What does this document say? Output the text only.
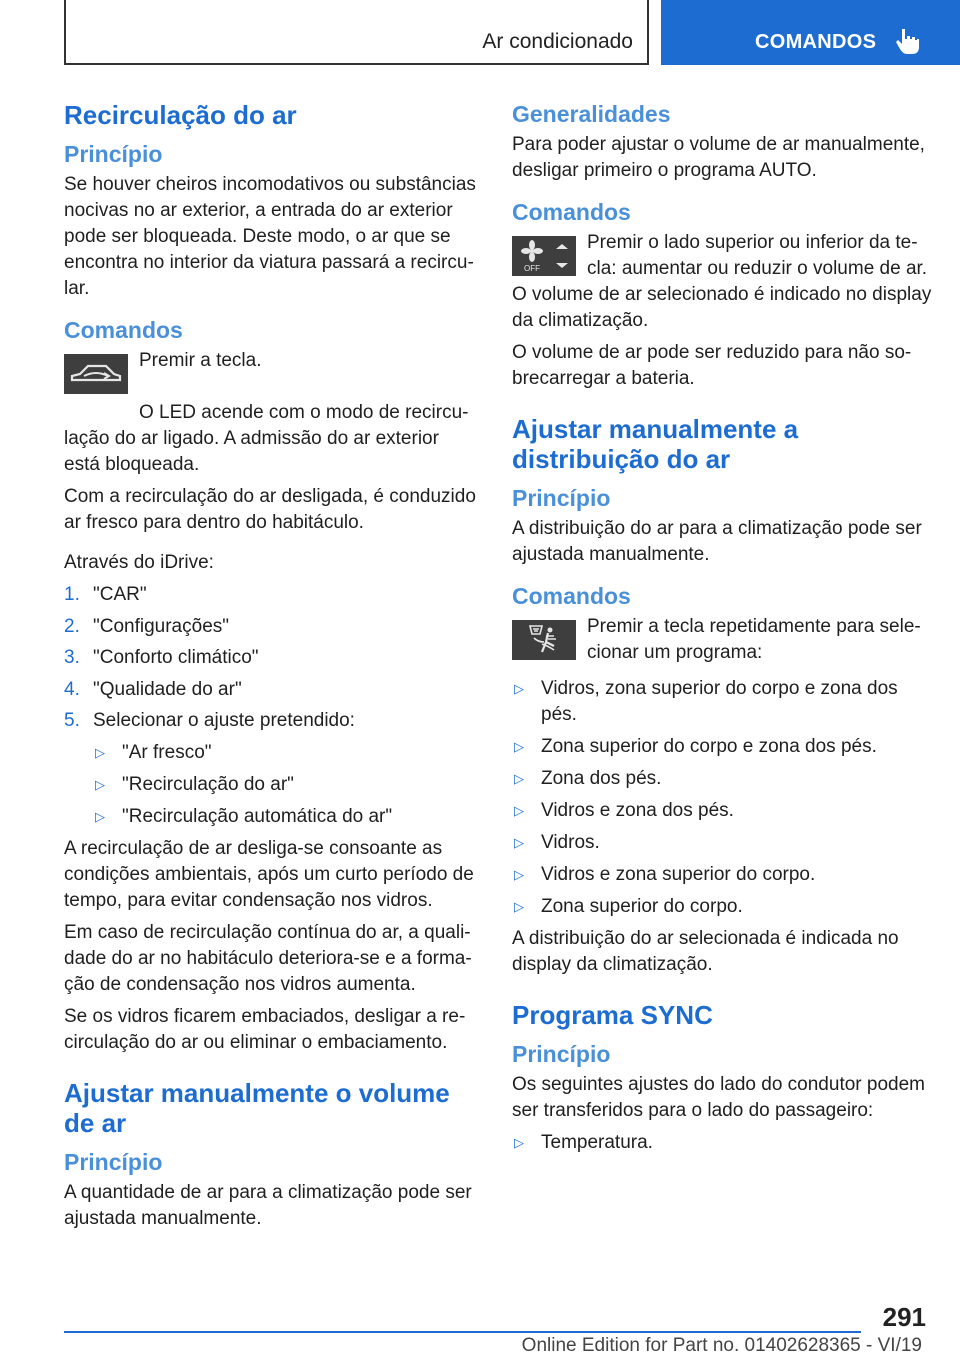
Ar condicionado	COMANDOS
Recirculação do ar
Princípio

Se houver cheiros incomodativos ou substâncias nocivas no ar exterior, a entrada do ar exterior pode ser bloqueada. Deste modo, o ar que se encontra no interior da viatura passará a recircular.

Comandos

Premir a tecla.

O LED acende com o modo de recirculação do ar ligado. A admissão do ar exterior está bloqueada.

Com a recirculação do ar desligada, é conduzido ar fresco para dentro do habitáculo.

Através do iDrive:

1. "CAR"
2. "Configurações"
3. "Conforto climático"
4. "Qualidade do ar"
5. Selecionar o ajuste pretendido:
▷ "Ar fresco"
▷ "Recirculação do ar"
▷ "Recirculação automática do ar"

A recirculação de ar desliga-se consoante as condições ambientais, após um curto período de tempo, para evitar condensação nos vidros.

Em caso de recirculação contínua do ar, a qualidade do ar no habitáculo deteriora-se e a formação de condensação nos vidros aumenta.

Se os vidros ficarem embaciados, desligar a recirculação do ar ou eliminar o embaciamento.

Ajustar manualmente o volume de ar
Princípio

A quantidade de ar para a climatização pode ser ajustada manualmente.

Generalidades

Para poder ajustar o volume de ar manualmente, desligar primeiro o programa AUTO.

Comandos

OFF
Premir o lado superior ou inferior da tecla: aumentar ou reduzir o volume de ar.

O volume de ar selecionado é indicado no display da climatização.

O volume de ar pode ser reduzido para não sobrecarregar a bateria.

Ajustar manualmente a distribuição do ar
Princípio

A distribuição do ar para a climatização pode ser ajustada manualmente.

Comandos

Premir a tecla repetidamente para selecionar um programa:

▷ Vidros, zona superior do corpo e zona dos pés.
▷ Zona superior do corpo e zona dos pés.
▷ Zona dos pés.
▷ Vidros e zona dos pés.
▷ Vidros.
▷ Vidros e zona superior do corpo.
▷ Zona superior do corpo.

A distribuição do ar selecionada é indicada no display da climatização.

Programa SYNC
Princípio

Os seguintes ajustes do lado do condutor podem ser transferidos para o lado do passageiro:

▷ Temperatura.
291
Online Edition for Part no. 01402628365 - VI/19
